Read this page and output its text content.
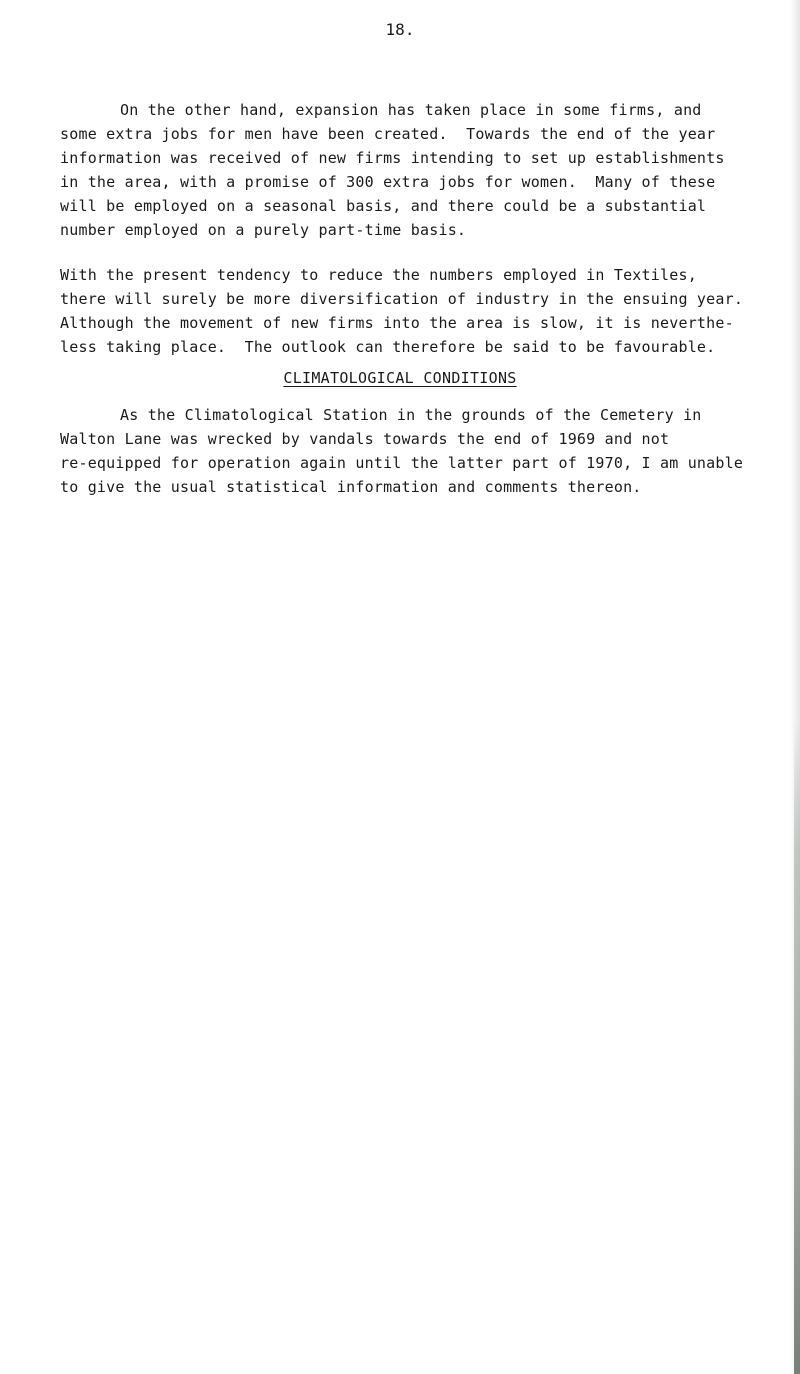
18.
On the other hand, expansion has taken place in some firms, and
some extra jobs for men have been created.  Towards the end of the year
information was received of new firms intending to set up establishments
in the area, with a promise of 300 extra jobs for women.  Many of these
will be employed on a seasonal basis, and there could be a substantial
number employed on a purely part-time basis.
With the present tendency to reduce the numbers employed in Textiles,
there will surely be more diversification of industry in the ensuing year.
Although the movement of new firms into the area is slow, it is neverthe-
less taking place.  The outlook can therefore be said to be favourable.
CLIMATOLOGICAL CONDITIONS
As the Climatological Station in the grounds of the Cemetery in
Walton Lane was wrecked by vandals towards the end of 1969 and not
re-equipped for operation again until the latter part of 1970, I am unable
to give the usual statistical information and comments thereon.
